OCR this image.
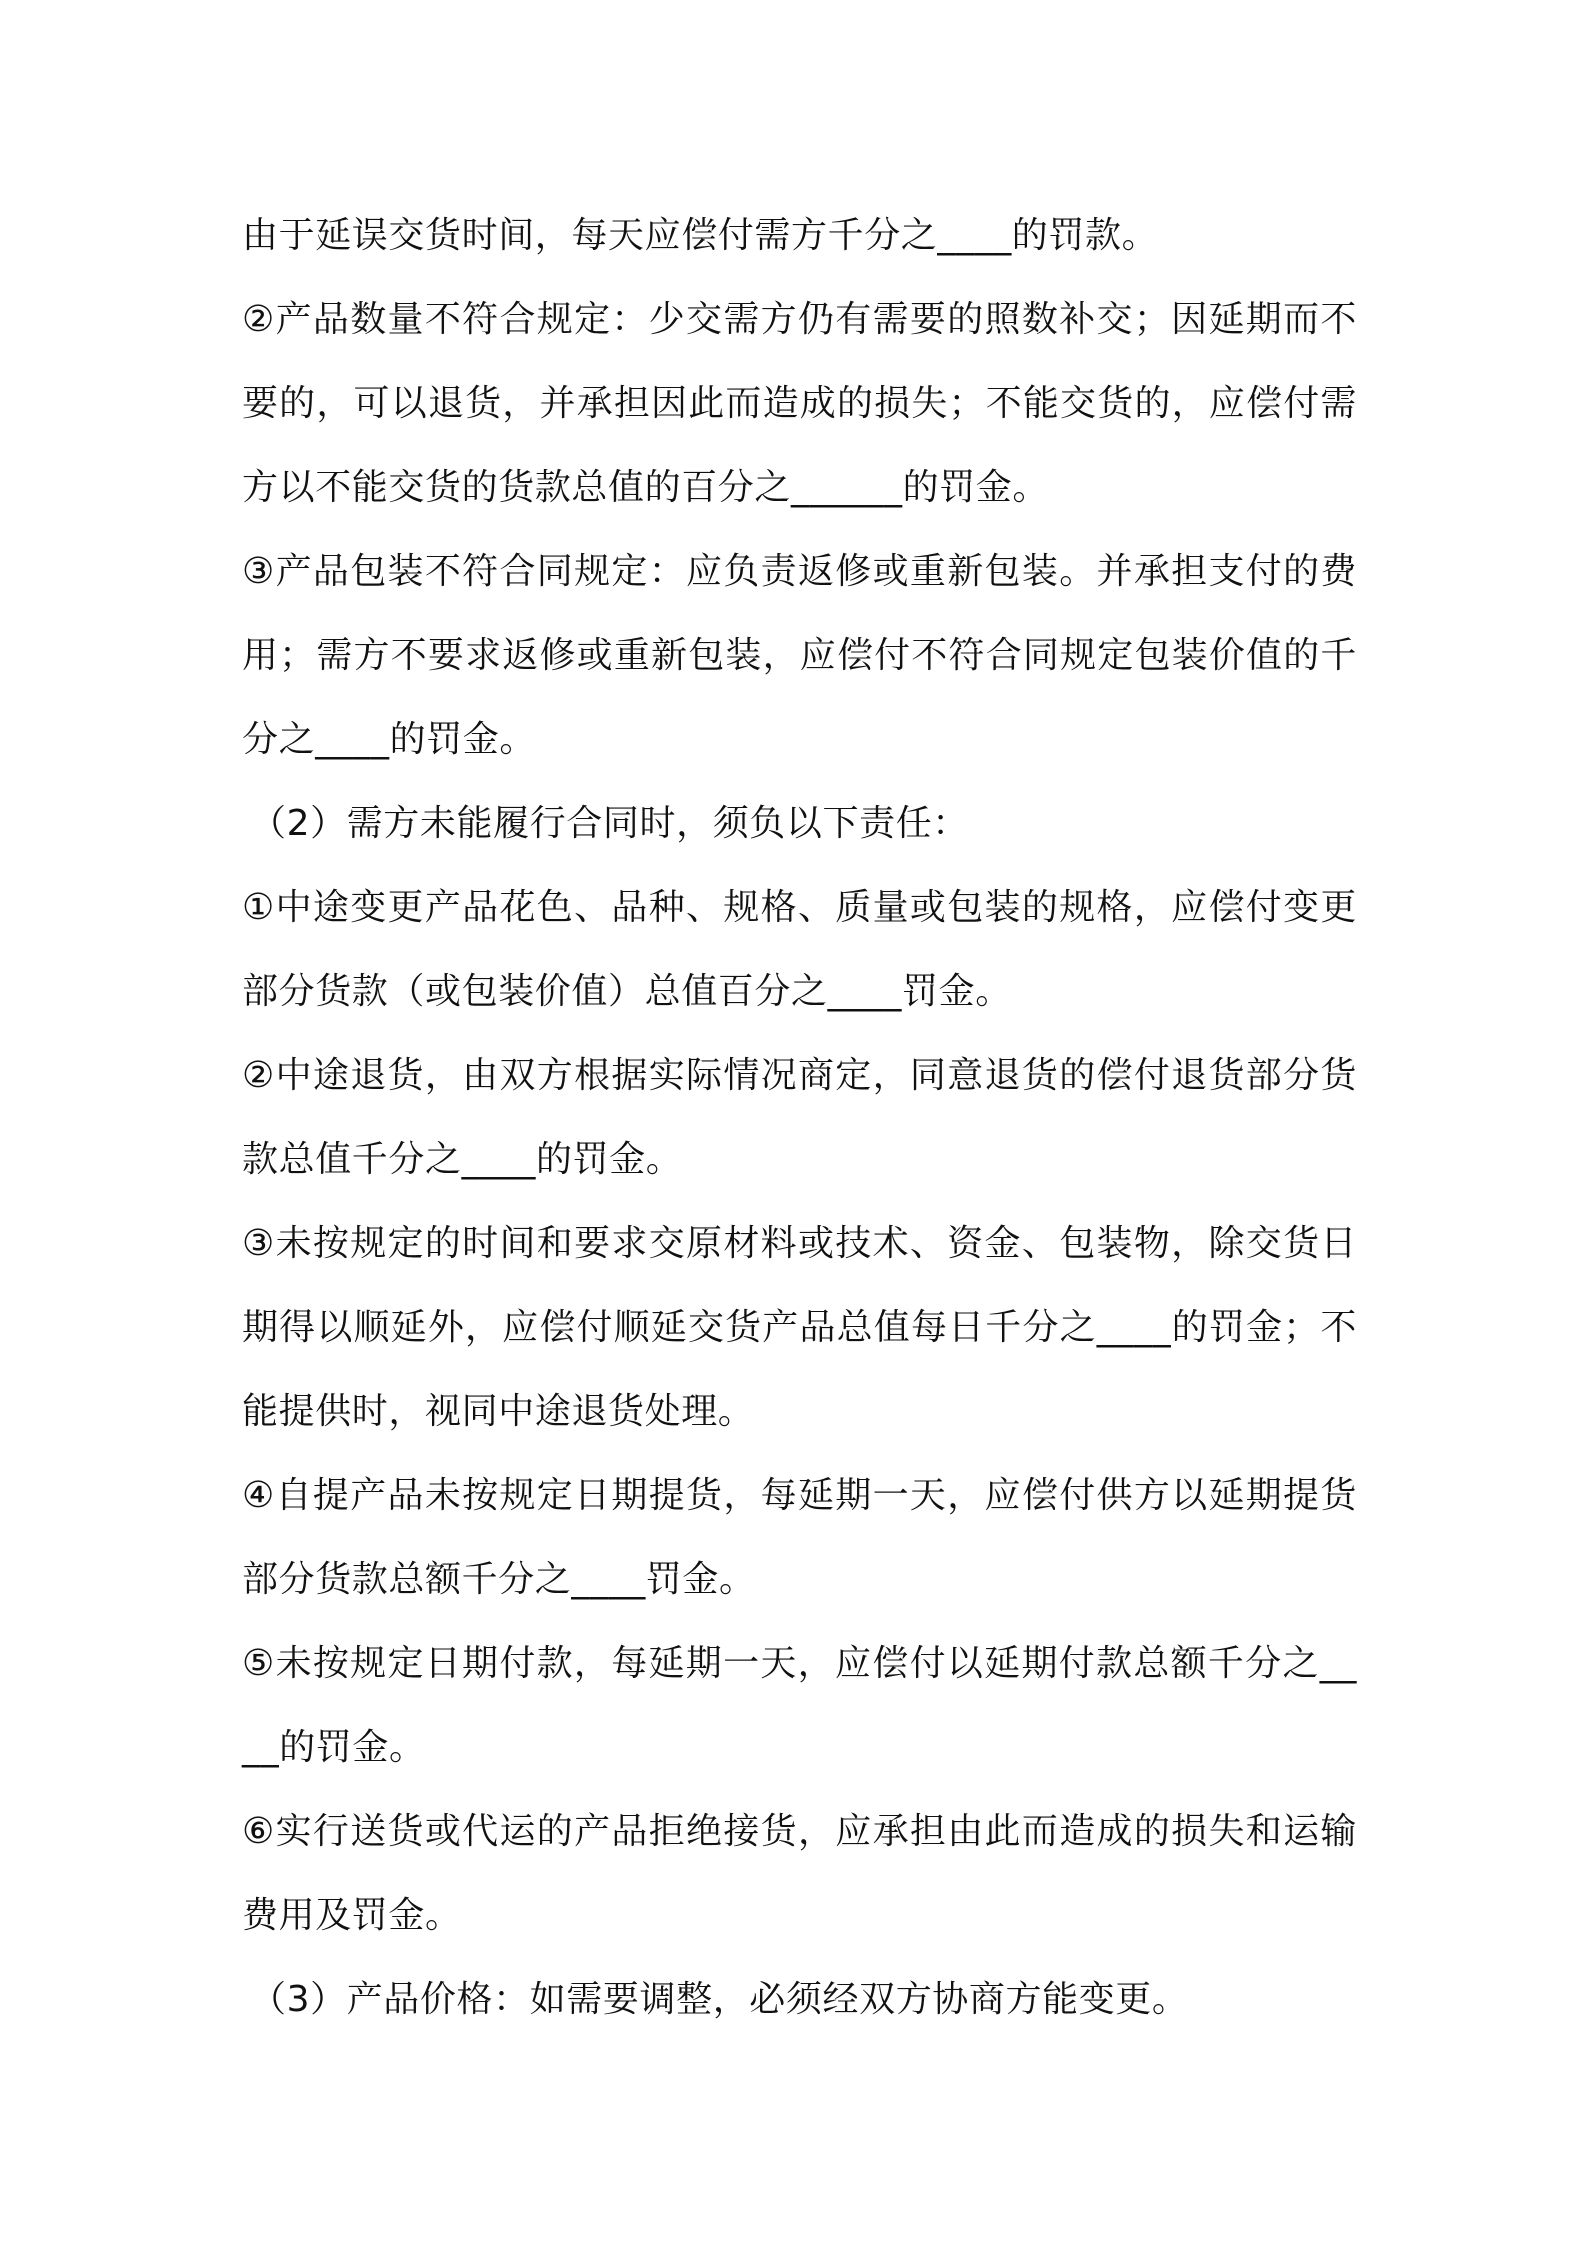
由于延误交货时间，每天应偿付需方千分之____的罚款。
②产品数量不符合规定：少交需方仍有需要的照数补交；因延期而不
要的，可以退货，并承担因此而造成的损失；不能交货的，应偿付需
方以不能交货的货款总值的百分之______的罚金。
③产品包装不符合同规定：应负责返修或重新包装。并承担支付的费
用；需方不要求返修或重新包装，应偿付不符合同规定包装价值的千
分之____的罚金。
（2）需方未能履行合同时，须负以下责任：
①中途变更产品花色、品种、规格、质量或包装的规格，应偿付变更
部分货款（或包装价值）总值百分之____罚金。
②中途退货，由双方根据实际情况商定，同意退货的偿付退货部分货
款总值千分之____的罚金。
③未按规定的时间和要求交原材料或技术、资金、包装物，除交货日
期得以顺延外，应偿付顺延交货产品总值每日千分之____的罚金；不
能提供时，视同中途退货处理。
④自提产品未按规定日期提货，每延期一天，应偿付供方以延期提货
部分货款总额千分之____罚金。
⑤未按规定日期付款，每延期一天，应偿付以延期付款总额千分之__
__的罚金。
⑥实行送货或代运的产品拒绝接货，应承担由此而造成的损失和运输
费用及罚金。
（3）产品价格：如需要调整，必须经双方协商方能变更。
